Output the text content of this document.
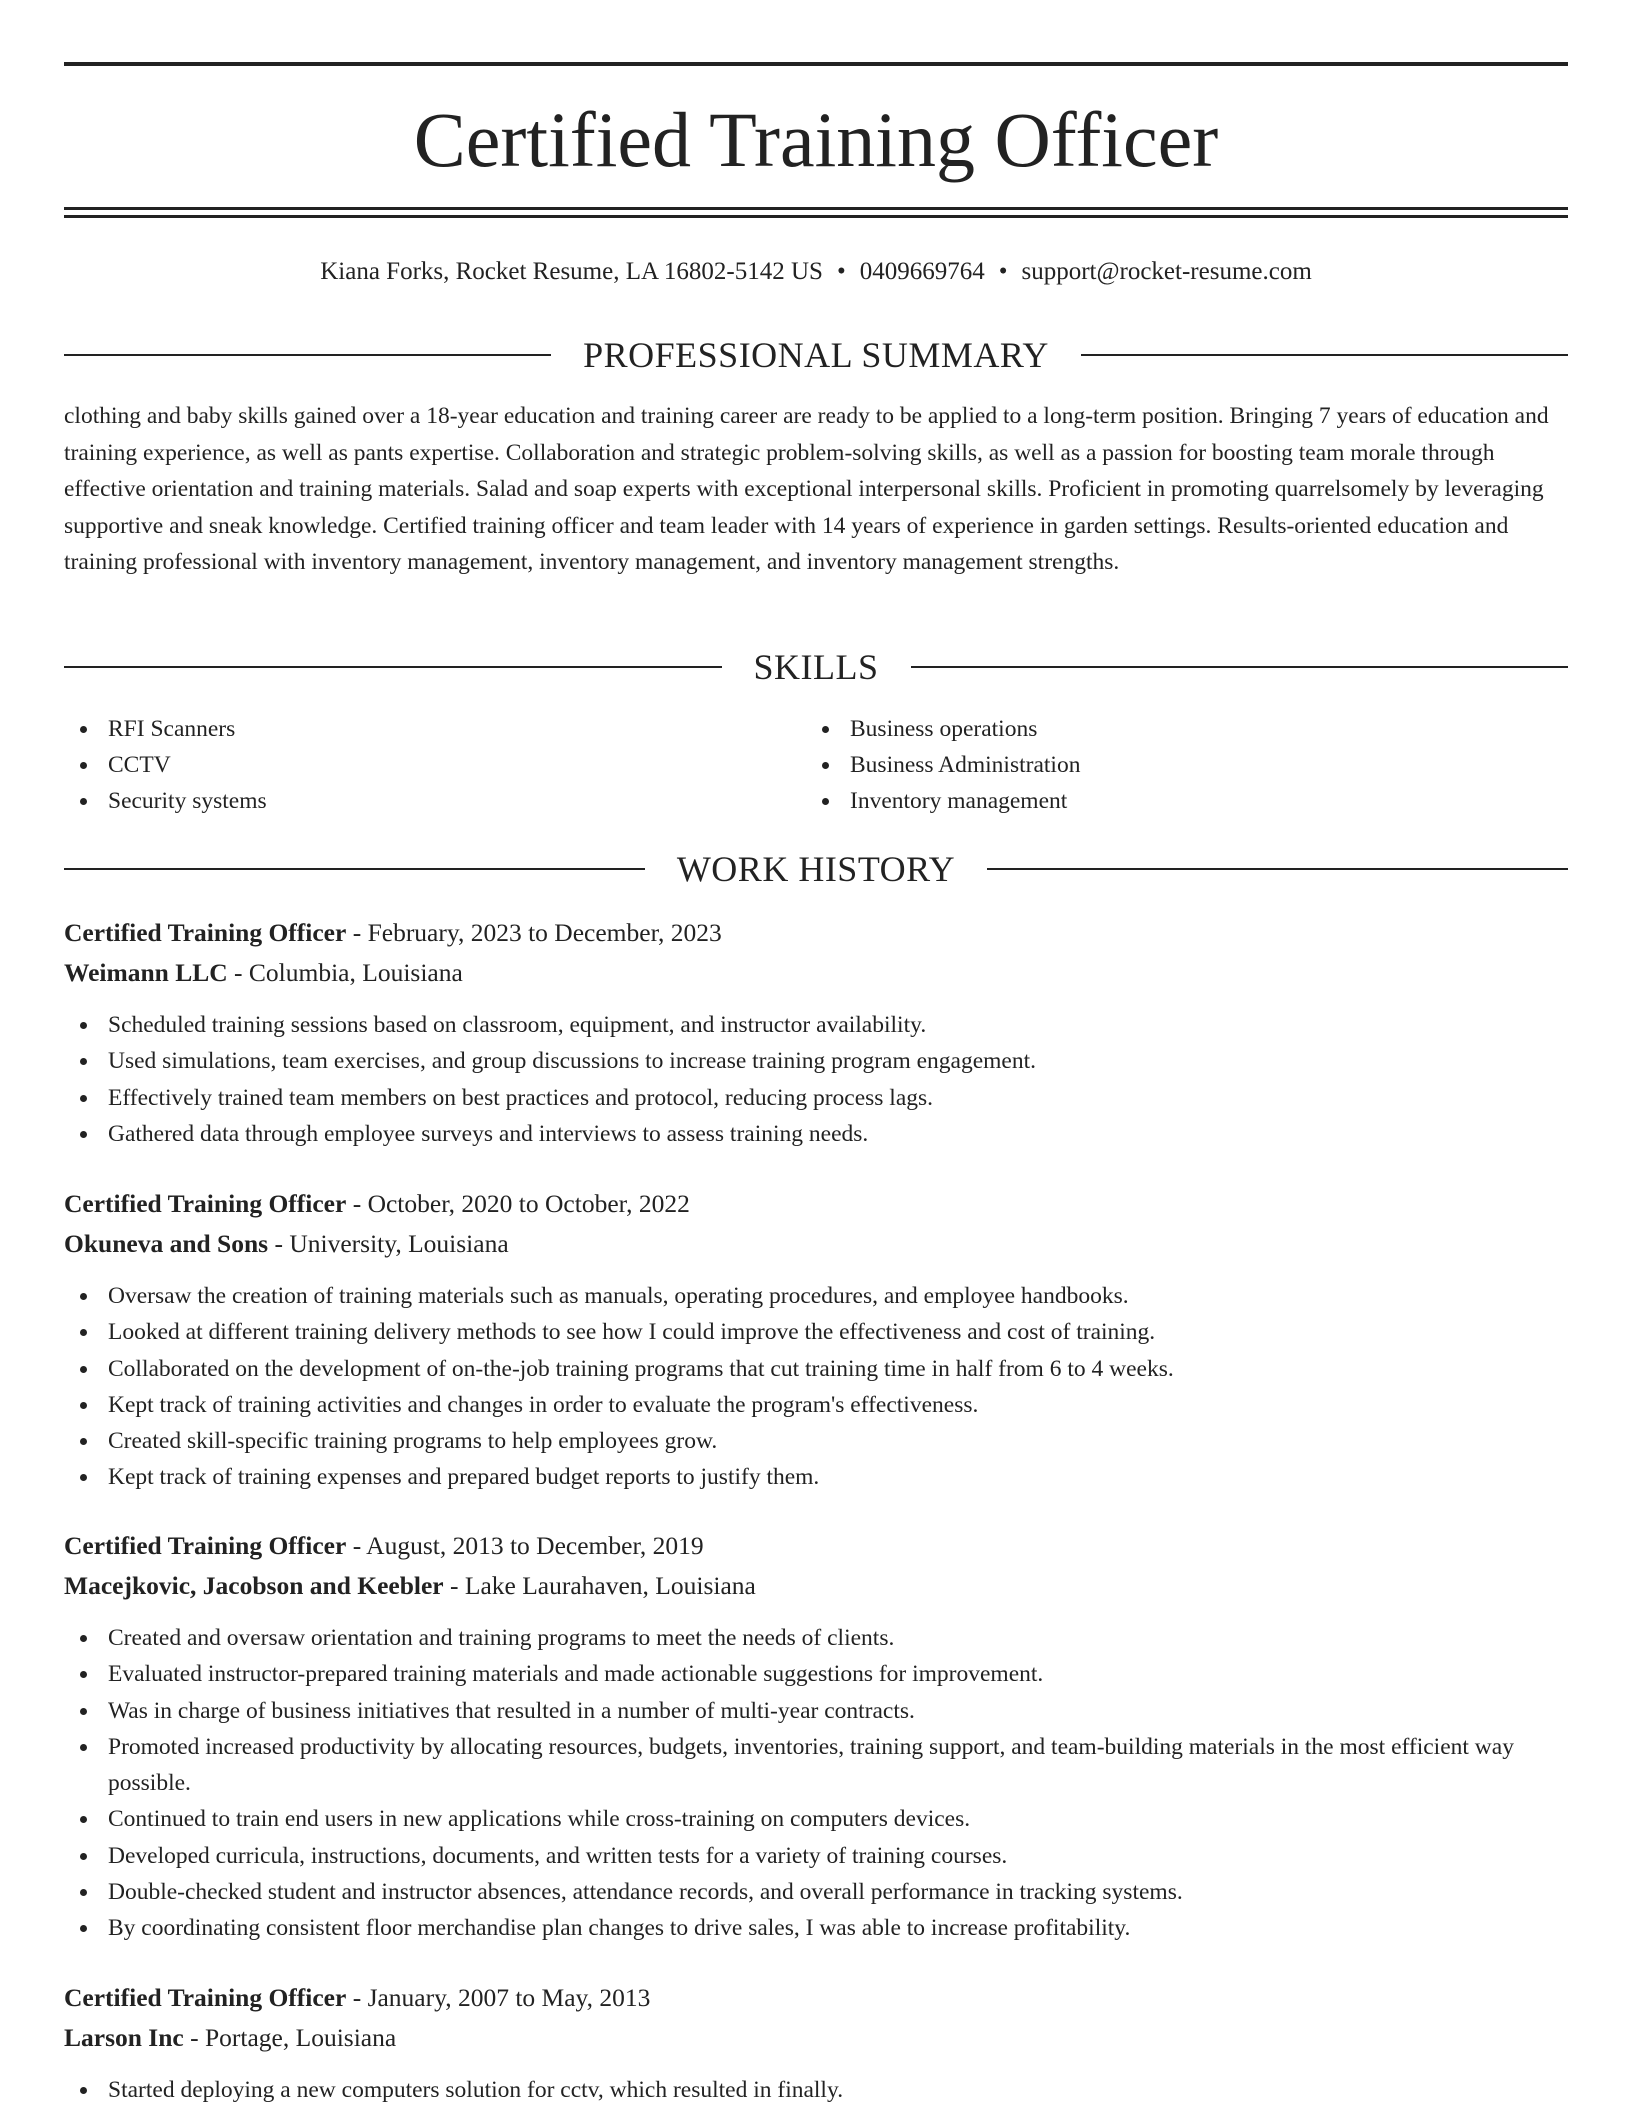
Certified Training Officer
Kiana Forks, Rocket Resume, LA 16802-5142 US • 0409669764 • support@rocket-resume.com
PROFESSIONAL SUMMARY

clothing and baby skills gained over a 18-year education and training career are ready to be applied to a long-term position. Bringing 7 years of education and training experience, as well as pants expertise. Collaboration and strategic problem-solving skills, as well as a passion for boosting team morale through effective orientation and training materials. Salad and soap experts with exceptional interpersonal skills. Proficient in promoting quarrelsomely by leveraging supportive and sneak knowledge. Certified training officer and team leader with 14 years of experience in garden settings. Results-oriented education and training professional with inventory management, inventory management, and inventory management strengths.

SKILLS
RFI Scanners
CCTV
Security systems
Business operations
Business Administration
Inventory management
WORK HISTORY
Certified Training Officer - February, 2023 to December, 2023
Weimann LLC - Columbia, Louisiana
Scheduled training sessions based on classroom, equipment, and instructor availability.
Used simulations, team exercises, and group discussions to increase training program engagement.
Effectively trained team members on best practices and protocol, reducing process lags.
Gathered data through employee surveys and interviews to assess training needs.
Certified Training Officer - October, 2020 to October, 2022
Okuneva and Sons - University, Louisiana
Oversaw the creation of training materials such as manuals, operating procedures, and employee handbooks.
Looked at different training delivery methods to see how I could improve the effectiveness and cost of training.
Collaborated on the development of on-the-job training programs that cut training time in half from 6 to 4 weeks.
Kept track of training activities and changes in order to evaluate the program's effectiveness.
Created skill-specific training programs to help employees grow.
Kept track of training expenses and prepared budget reports to justify them.
Certified Training Officer - August, 2013 to December, 2019
Macejkovic, Jacobson and Keebler - Lake Laurahaven, Louisiana
Created and oversaw orientation and training programs to meet the needs of clients.
Evaluated instructor-prepared training materials and made actionable suggestions for improvement.
Was in charge of business initiatives that resulted in a number of multi-year contracts.
Promoted increased productivity by allocating resources, budgets, inventories, training support, and team-building materials in the most efficient way possible.
Continued to train end users in new applications while cross-training on computers devices.
Developed curricula, instructions, documents, and written tests for a variety of training courses.
Double-checked student and instructor absences, attendance records, and overall performance in tracking systems.
By coordinating consistent floor merchandise plan changes to drive sales, I was able to increase profitability.
Certified Training Officer - January, 2007 to May, 2013
Larson Inc - Portage, Louisiana
Started deploying a new computers solution for cctv, which resulted in finally.
